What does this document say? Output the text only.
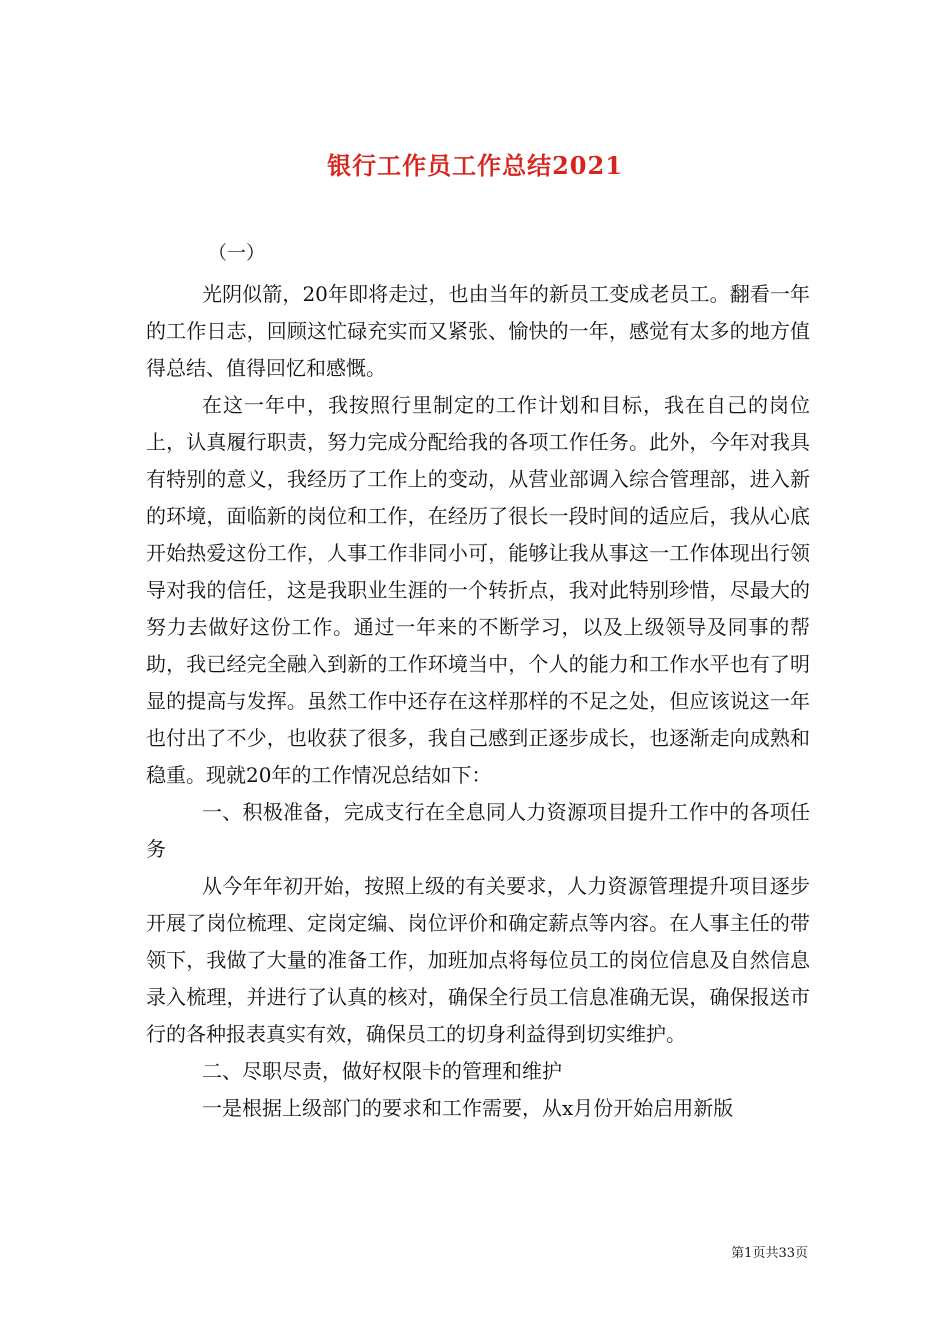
银行工作员工作总结2021
（一）

光阴似箭，20年即将走过，也由当年的新员工变成老员工。翻看一年的工作日志，回顾这忙碌充实而又紧张、愉快的一年，感觉有太多的地方值得总结、值得回忆和感慨。

在这一年中，我按照行里制定的工作计划和目标，我在自己的岗位上，认真履行职责，努力完成分配给我的各项工作任务。此外，今年对我具有特别的意义，我经历了工作上的变动，从营业部调入综合管理部，进入新的环境，面临新的岗位和工作，在经历了很长一段时间的适应后，我从心底开始热爱这份工作，人事工作非同小可，能够让我从事这一工作体现出行领导对我的信任，这是我职业生涯的一个转折点，我对此特别珍惜，尽最大的努力去做好这份工作。通过一年来的不断学习，以及上级领导及同事的帮助，我已经完全融入到新的工作环境当中，个人的能力和工作水平也有了明显的提高与发挥。虽然工作中还存在这样那样的不足之处，但应该说这一年也付出了不少，也收获了很多，我自己感到正逐步成长，也逐渐走向成熟和稳重。现就20年的工作情况总结如下：

一、积极准备，完成支行在全息同人力资源项目提升工作中的各项任务

从今年年初开始，按照上级的有关要求，人力资源管理提升项目逐步开展了岗位梳理、定岗定编、岗位评价和确定薪点等内容。在人事主任的带领下，我做了大量的准备工作，加班加点将每位员工的岗位信息及自然信息录入梳理，并进行了认真的核对，确保全行员工信息准确无误，确保报送市行的各种报表真实有效，确保员工的切身利益得到切实维护。

二、尽职尽责，做好权限卡的管理和维护

一是根据上级部门的要求和工作需要，从x月份开始启用新版

第1页共33页
